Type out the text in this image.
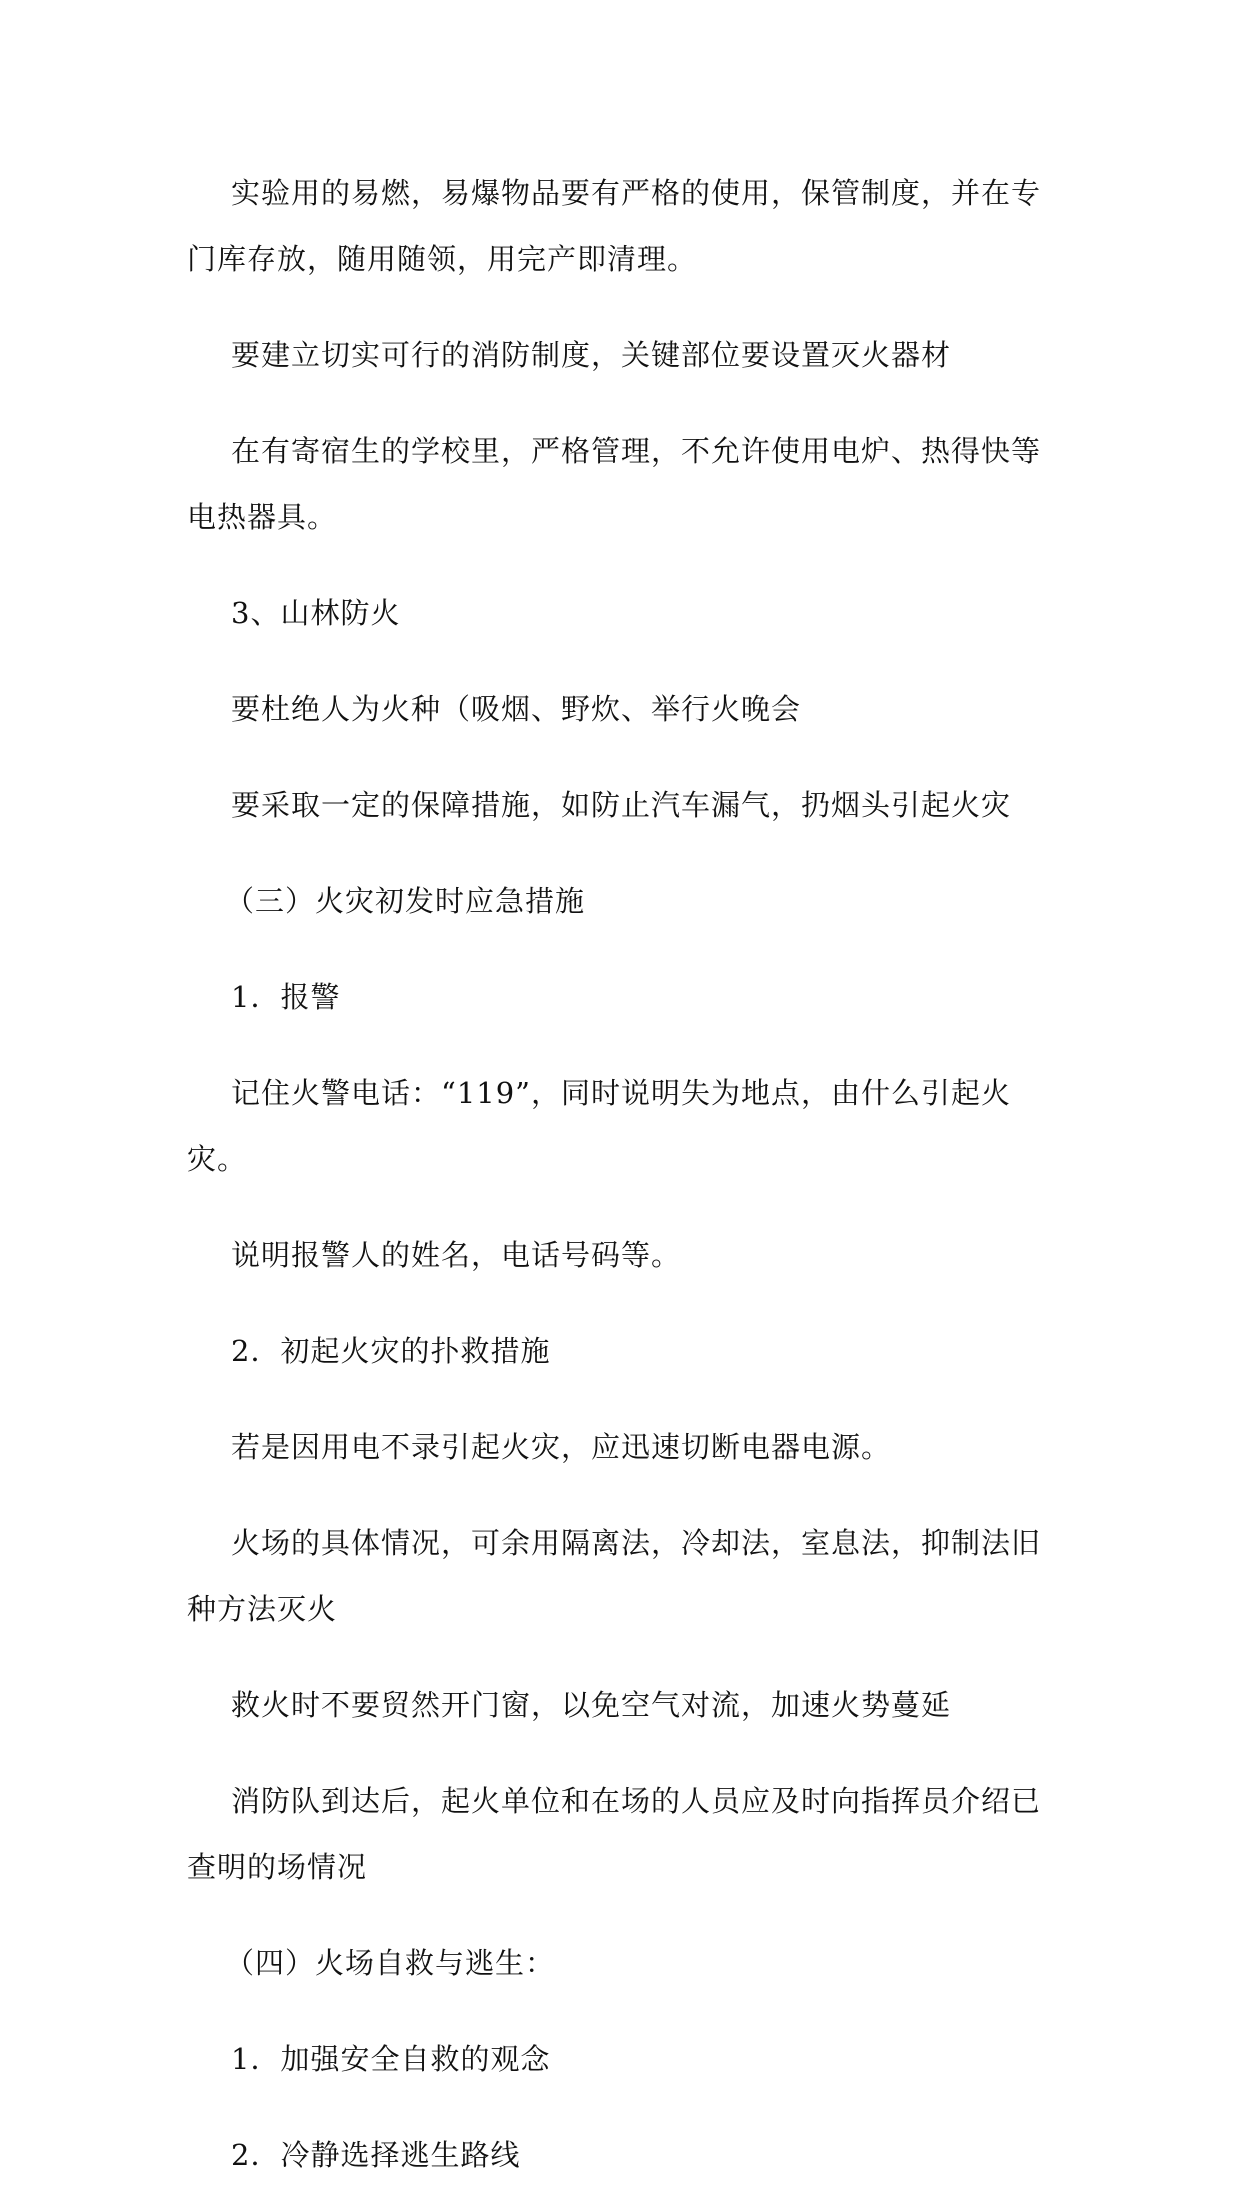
实验用的易燃，易爆物品要有严格的使用，保管制度，并在专门库存放，随用随领，用完产即清理。

要建立切实可行的消防制度，关键部位要设置灭火器材

在有寄宿生的学校里，严格管理，不允许使用电炉、热得快等电热器具。

3、山林防火

要杜绝人为火种（吸烟、野炊、举行火晚会

要采取一定的保障措施，如防止汽车漏气，扔烟头引起火灾

（三）火灾初发时应急措施

1．报警

记住火警电话：“119”，同时说明失为地点，由什么引起火灾。

说明报警人的姓名，电话号码等。

2．初起火灾的扑救措施

若是因用电不录引起火灾，应迅速切断电器电源。

火场的具体情况，可余用隔离法，冷却法，室息法，抑制法旧种方法灭火

救火时不要贸然开门窗，以免空气对流，加速火势蔓延

消防队到达后，起火单位和在场的人员应及时向指挥员介绍已查明的场情况

（四）火场自救与逃生：

1．加强安全自救的观念

2．冷静选择逃生路线
